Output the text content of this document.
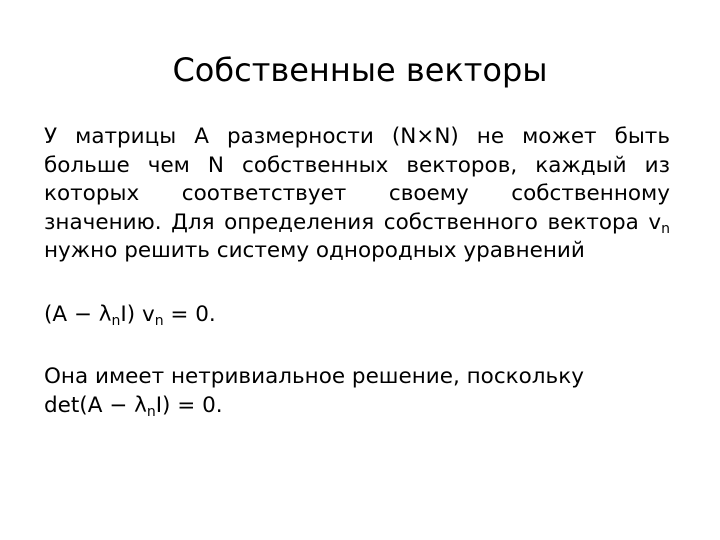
Собственные векторы

У матрицы А размерности (N×N) не может быть больше чем N собственных векторов, каждый из которых соответствует своему собственному значению. Для определения собственного вектора $v_n$ нужно решить систему однородных уравнений

$(A - \lambda_nI)$ $v_n = 0$.

Она имеет нетривиальное решение, поскольку
$\det(A - \lambda_nI) = 0$.
